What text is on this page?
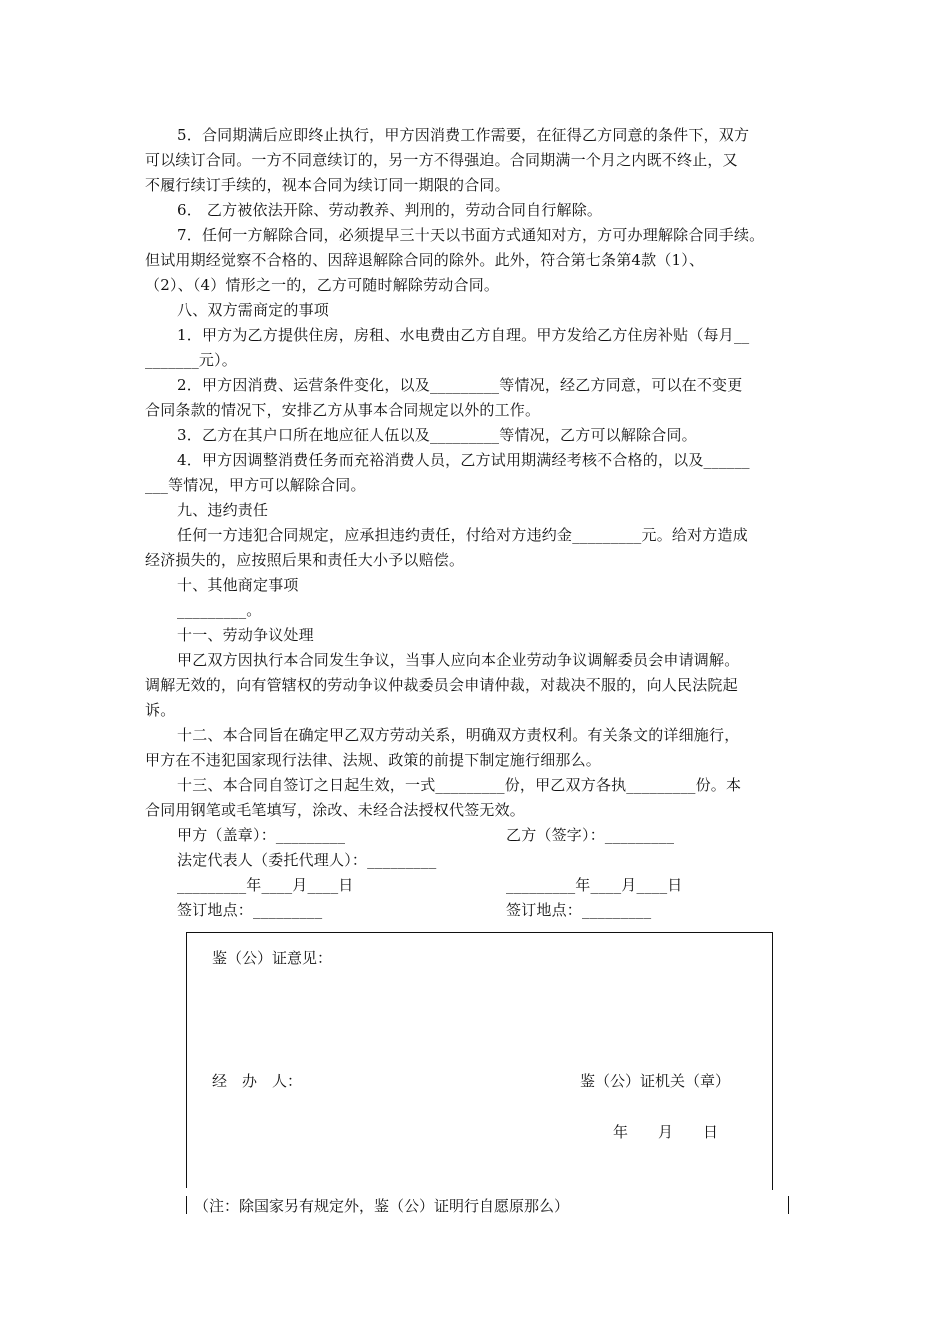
5．合同期满后应即终止执行，甲方因消费工作需要，在征得乙方同意的条件下，双方
可以续订合同。一方不同意续订的，另一方不得强迫。合同期满一个月之内既不终止，又
不履行续订手续的，视本合同为续订同一期限的合同。
6． 乙方被依法开除、劳动教养、判刑的，劳动合同自行解除。
7．任何一方解除合同，必须提早三十天以书面方式通知对方，方可办理解除合同手续。
但试用期经觉察不合格的、因辞退解除合同的除外。此外，符合第七条第4款（1）、
（2）、（4）情形之一的，乙方可随时解除劳动合同。
八、双方需商定的事项
1．甲方为乙方提供住房，房租、水电费由乙方自理。甲方发给乙方住房补贴（每月__
_______元）。
2．甲方因消费、运营条件变化，以及_________等情况，经乙方同意，可以在不变更
合同条款的情况下，安排乙方从事本合同规定以外的工作。
3．乙方在其户口所在地应征人伍以及_________等情况，乙方可以解除合同。
4．甲方因调整消费任务而充裕消费人员，乙方试用期满经考核不合格的，以及______
___等情况，甲方可以解除合同。
九、违约责任
任何一方违犯合同规定，应承担违约责任，付给对方违约金_________元。给对方造成
经济损失的，应按照后果和责任大小予以赔偿。
十、其他商定事项
_________。
十一、劳动争议处理
甲乙双方因执行本合同发生争议，当事人应向本企业劳动争议调解委员会申请调解。
调解无效的，向有管辖权的劳动争议仲裁委员会申请仲裁，对裁决不服的，向人民法院起
诉。
十二、本合同旨在确定甲乙双方劳动关系，明确双方责权利。有关条文的详细施行，
甲方在不违犯国家现行法律、法规、政策的前提下制定施行细那么。
十三、本合同自签订之日起生效，一式_________份，甲乙双方各执_________份。本
合同用钢笔或毛笔填写，涂改、未经合法授权代签无效。
甲方（盖章）：_________	乙方（签字）：_________
法定代表人（委托代理人）：_________
_________年____月____日	_________年____月____日
签订地点：_________	签订地点：_________
鉴（公）证意见：
经　办　人：	鉴（公）证机关（章）
年　　月　　日
（注：除国家另有规定外，鉴（公）证明行自愿原那么）
